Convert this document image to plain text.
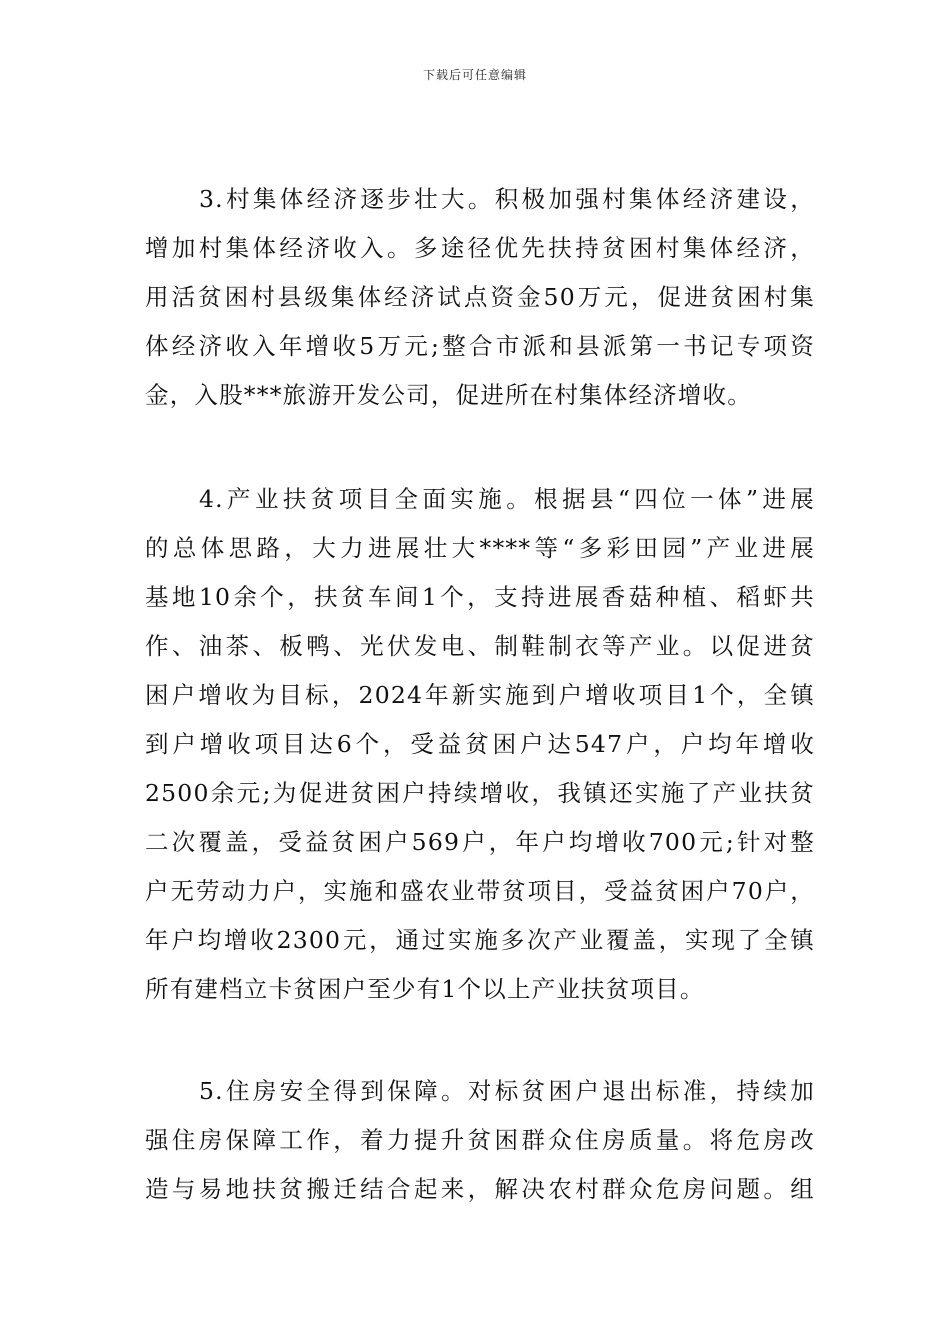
下载后可任意编辑
3.村集体经济逐步壮大。积极加强村集体经济建设，
增加村集体经济收入。多途径优先扶持贫困村集体经济，
用活贫困村县级集体经济试点资金50万元，促进贫困村集
体经济收入年增收5万元;整合市派和县派第一书记专项资
金，入股***旅游开发公司，促进所在村集体经济增收。
4.产业扶贫项目全面实施。根据县“四位一体”进展
的总体思路，大力进展壮大****等“多彩田园”产业进展
基地10余个，扶贫车间1个，支持进展香菇种植、稻虾共
作、油茶、板鸭、光伏发电、制鞋制衣等产业。以促进贫
困户增收为目标，2024年新实施到户增收项目1个，全镇
到户增收项目达6个，受益贫困户达547户，户均年增收
2500余元;为促进贫困户持续增收，我镇还实施了产业扶贫
二次覆盖，受益贫困户569户，年户均增收700元;针对整
户无劳动力户，实施和盛农业带贫项目，受益贫困户70户，
年户均增收2300元，通过实施多次产业覆盖，实现了全镇
所有建档立卡贫困户至少有1个以上产业扶贫项目。
5.住房安全得到保障。对标贫困户退出标准，持续加
强住房保障工作，着力提升贫困群众住房质量。将危房改
造与易地扶贫搬迁结合起来，解决农村群众危房问题。组
